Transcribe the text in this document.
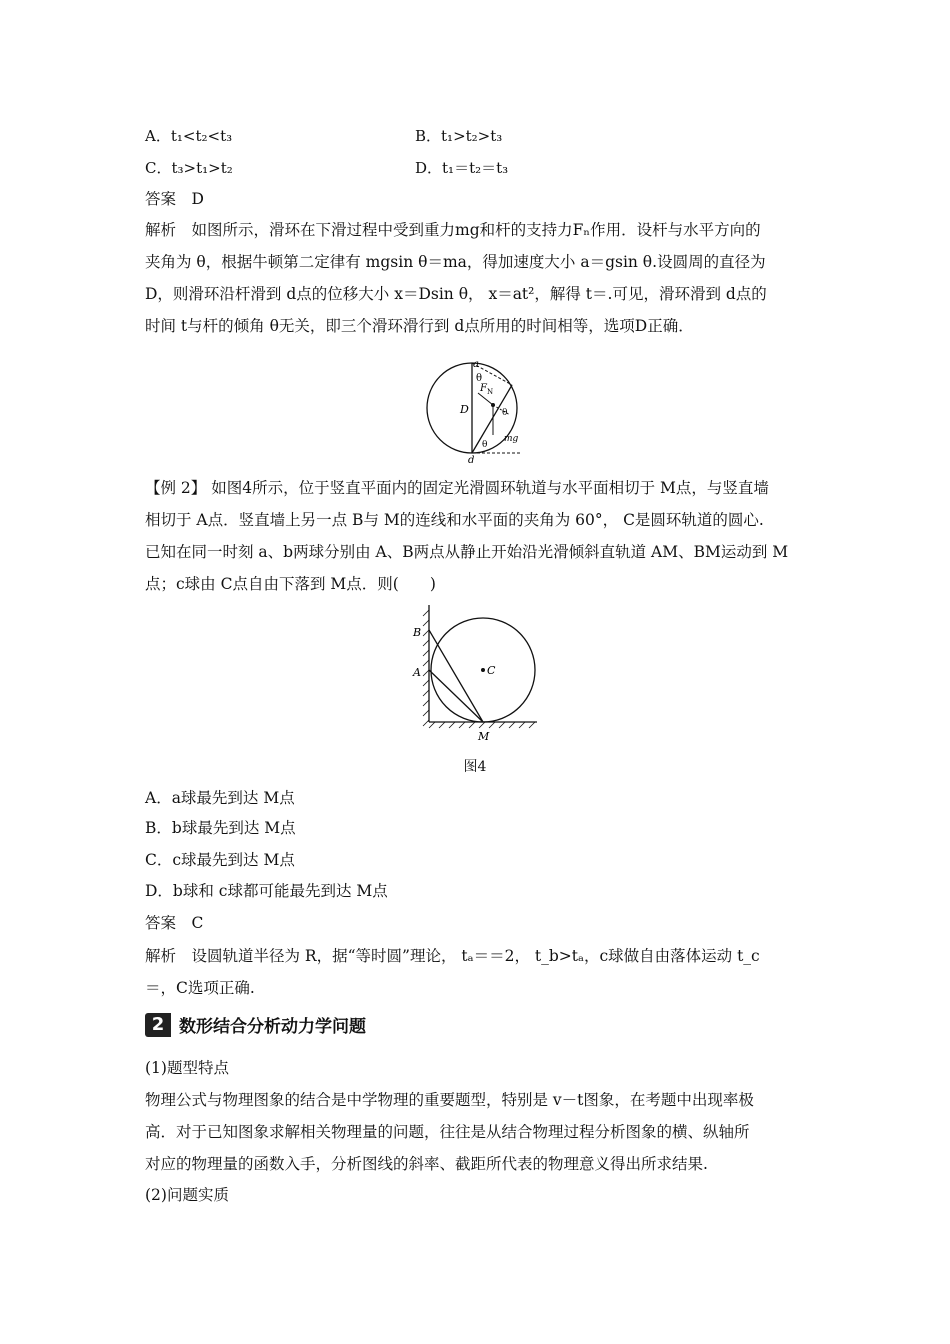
A．t₁<t₂<t₃	B．t₁>t₂>t₃
C．t₃>t₁>t₂	D．t₁＝t₂＝t₃
答案　D
解析　如图所示，滑环在下滑过程中受到重力mg和杆的支持力Fₙ作用．设杆与水平方向的
夹角为 θ，根据牛顿第二定律有 mgsin θ＝ma，得加速度大小 a＝gsin θ.设圆周的直径为
D，则滑环沿杆滑到 d点的位移大小 x＝Dsin θ， x＝at²，解得 t＝.可见，滑环滑到 d点的
时间 t与杆的倾角 θ无关，即三个滑环滑行到 d点所用的时间相等，选项D正确．
a
θ
F N
D	θ
mg
θ
d
【例 2】 如图4所示，位于竖直平面内的固定光滑圆环轨道与水平面相切于 M点，与竖直墙
相切于 A点．竖直墙上另一点 B与 M的连线和水平面的夹角为 60°， C是圆环轨道的圆心.
已知在同一时刻 a、b两球分别由 A、B两点从静止开始沿光滑倾斜直轨道 AM、BM运动到 M
点；c球由 C点自由下落到 M点．则(　　)
B
A	C
M
图4
A．a球最先到达 M点
B．b球最先到达 M点
C．c球最先到达 M点
D．b球和 c球都可能最先到达 M点
答案　C
解析　设圆轨道半径为 R，据“等时圆”理论， tₐ＝＝2， t_b>tₐ，c球做自由落体运动 t_c
＝，C选项正确.
2 数形结合分析动力学问题
(1)题型特点
物理公式与物理图象的结合是中学物理的重要题型，特别是 v－t图象，在考题中出现率极
高．对于已知图象求解相关物理量的问题，往往是从结合物理过程分析图象的横、纵轴所
对应的物理量的函数入手，分析图线的斜率、截距所代表的物理意义得出所求结果.
(2)问题实质
